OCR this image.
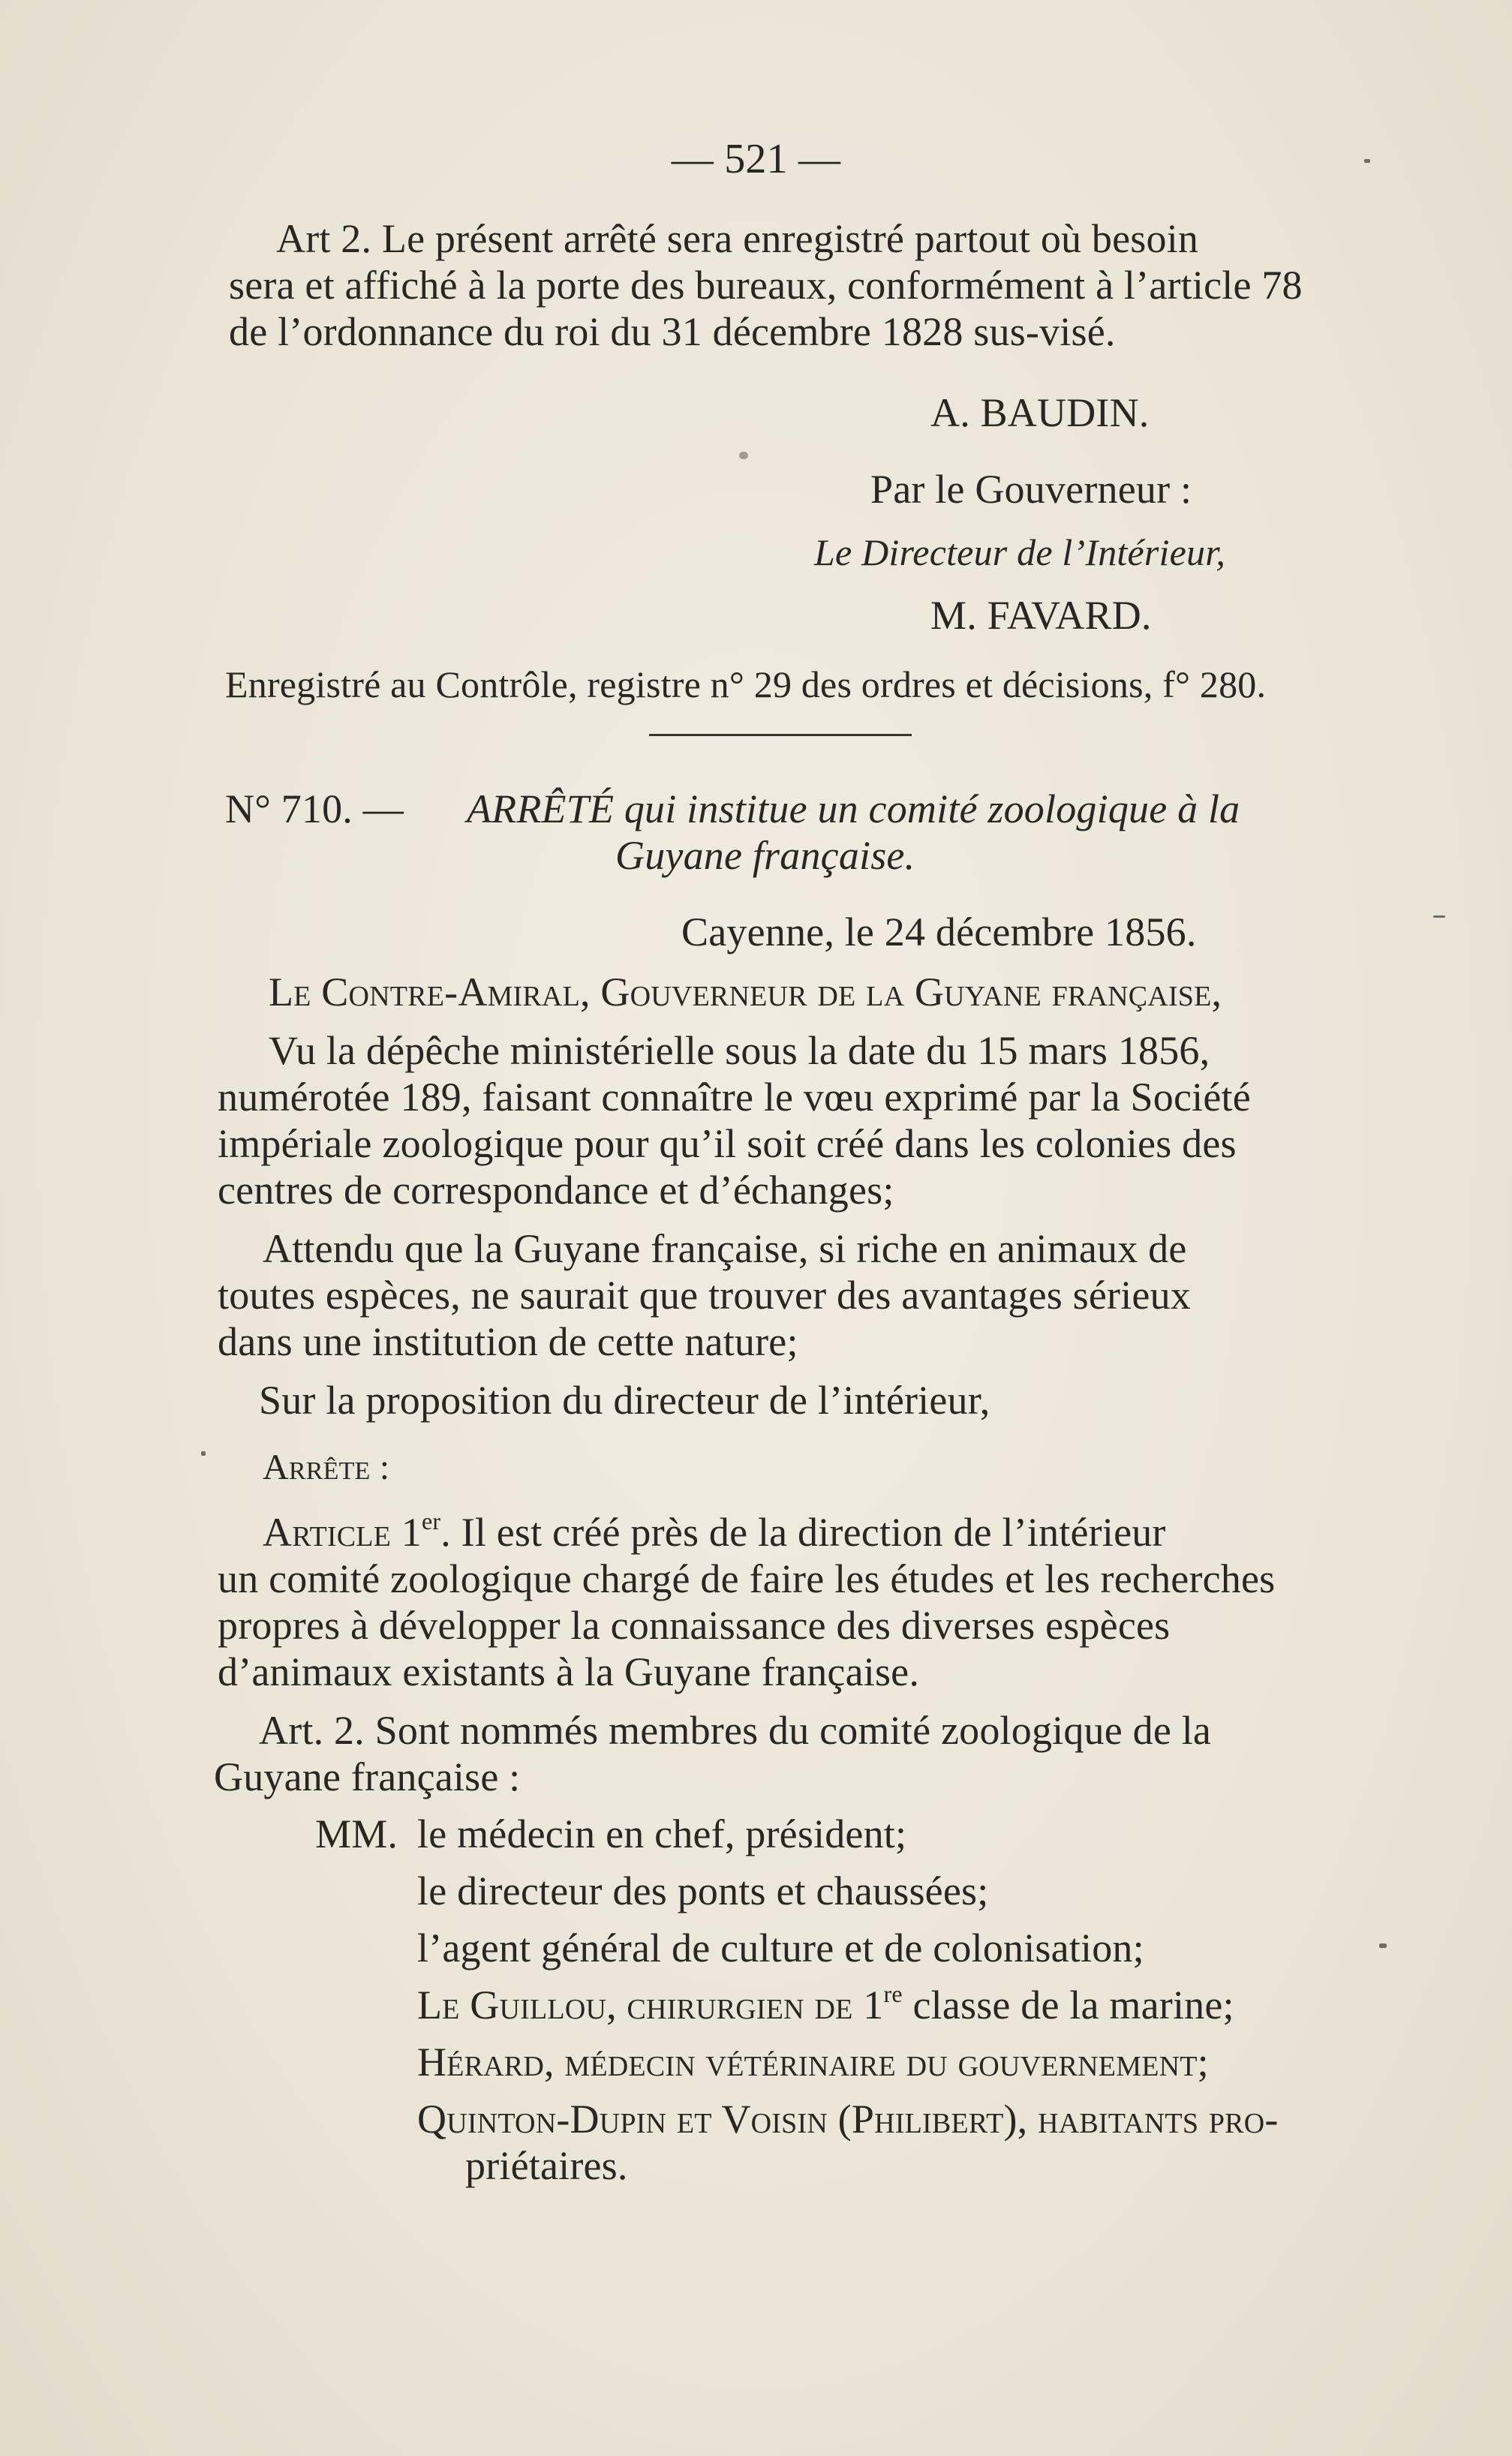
— 521 —
Art 2. Le présent arrêté sera enregistré partout où besoin
sera et affiché à la porte des bureaux, conformément à l’article 78
de l’ordonnance du roi du 31 décembre 1828 sus-visé.
A. BAUDIN.
Par le Gouverneur :
Le Directeur de l’Intérieur,
M. FAVARD.
Enregistré au Contrôle, registre n° 29 des ordres et décisions, f° 280.
N° 710. —	ARRÊTÉ qui institue un comité zoologique à la
Guyane française.
Cayenne, le 24 décembre 1856.
Le Contre-Amiral, Gouverneur de la Guyane française,
Vu la dépêche ministérielle sous la date du 15 mars 1856,
numérotée 189, faisant connaître le vœu exprimé par la Société
impériale zoologique pour qu’il soit créé dans les colonies des
centres de correspondance et d’échanges;
Attendu que la Guyane française, si riche en animaux de
toutes espèces, ne saurait que trouver des avantages sérieux
dans une institution de cette nature;
Sur la proposition du directeur de l’intérieur,
Arrête :
Article 1er. Il est créé près de la direction de l’intérieur
un comité zoologique chargé de faire les études et les recherches
propres à développer la connaissance des diverses espèces
d’animaux existants à la Guyane française.
Art. 2. Sont nommés membres du comité zoologique de la
Guyane française :
MM. le médecin en chef, président;
le directeur des ponts et chaussées;
l’agent général de culture et de colonisation;
Le Guillou, chirurgien de 1re classe de la marine;
Hérard, médecin vétérinaire du gouvernement;
Quinton-Dupin et Voisin (Philibert), habitants pro-
priétaires.
